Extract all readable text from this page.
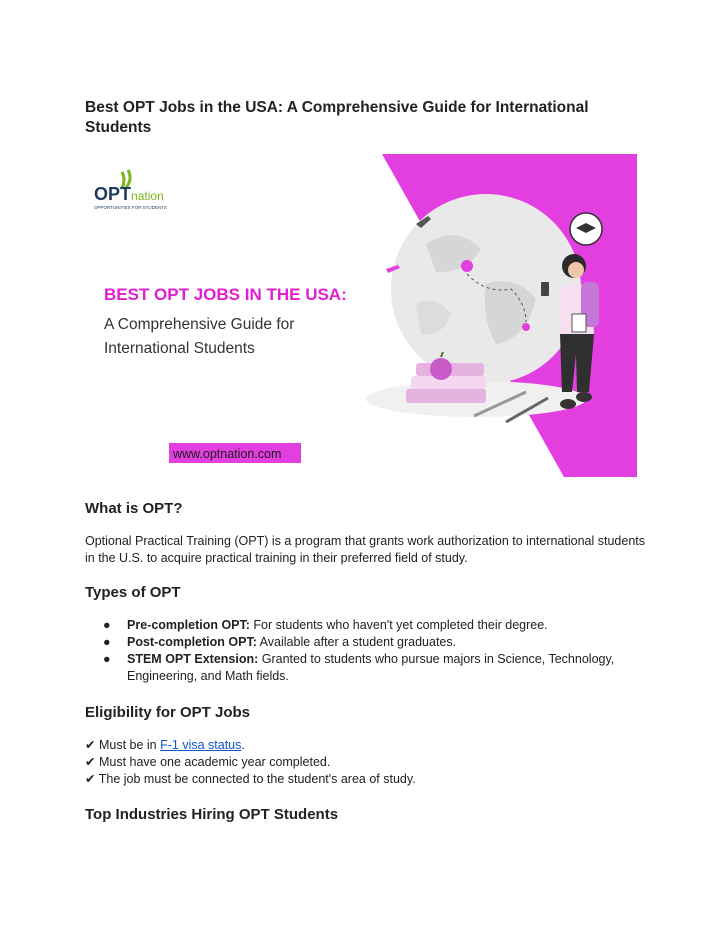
Best OPT Jobs in the USA: A Comprehensive Guide for International Students
OPTnation
OPPORTUNITIES FOR STUDENTS
BEST OPT JOBS IN THE USA:
A Comprehensive Guide for
International Students
www.optnation.com
What is OPT?

Optional Practical Training (OPT) is a program that grants work authorization to international students in the U.S. to acquire practical training in their preferred field of study.

Types of OPT
● Pre-completion OPT: For students who haven't yet completed their degree.
● Post-completion OPT: Available after a student graduates.
● STEM OPT Extension: Granted to students who pursue majors in Science, Technology, Engineering, and Math fields.
Eligibility for OPT Jobs
✔ Must be in F-1 visa status.
✔ Must have one academic year completed.
✔ The job must be connected to the student's area of study.
Top Industries Hiring OPT Students
